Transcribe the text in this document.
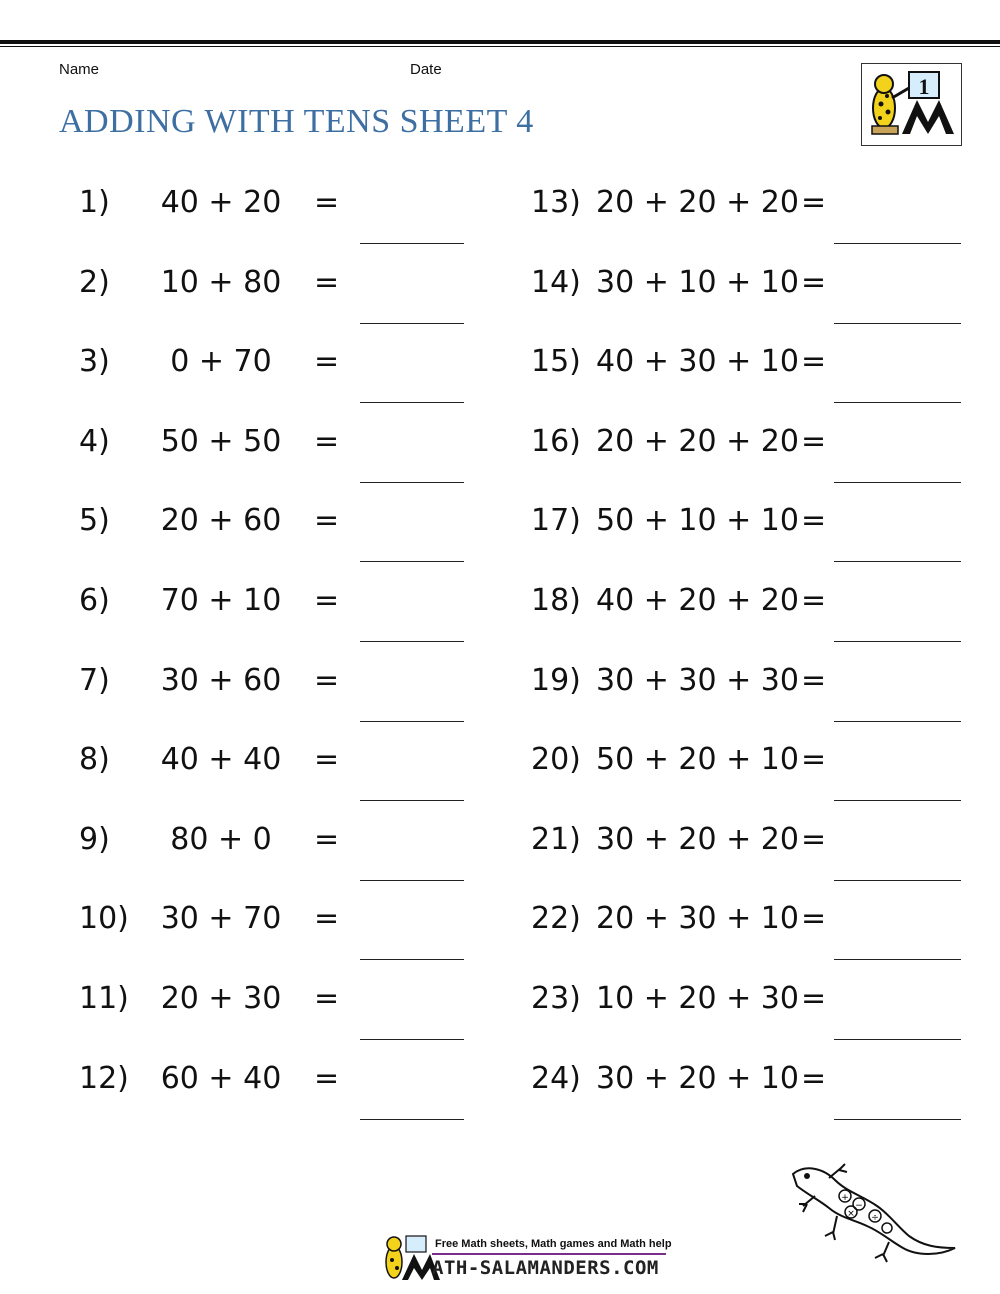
Name	Date
ADDING WITH TENS SHEET 4
1
1)	40 + 20	=
2)	10 + 80	=
3)	0 + 70	=
4)	50 + 50	=
5)	20 + 60	=
6)	70 + 10	=
7)	30 + 60	=
8)	40 + 40	=
9)	80 + 0	=
10)	30 + 70	=
11)	20 + 30	=
12)	60 + 40	=
13) 20 + 20 + 20 =
14) 30 + 10 + 10 =
15) 40 + 30 + 10 =
16) 20 + 20 + 20 =
17) 50 + 10 + 10 =
18) 40 + 20 + 20 =
19) 30 + 30 + 30 =
20) 50 + 20 + 10 =
21) 30 + 20 + 20 =
22) 20 + 30 + 10 =
23) 10 + 20 + 30 =
24) 30 + 20 + 10 =
+
−
× ÷
Free Math sheets, Math games and Math help
ATH-SALAMANDERS.COM
